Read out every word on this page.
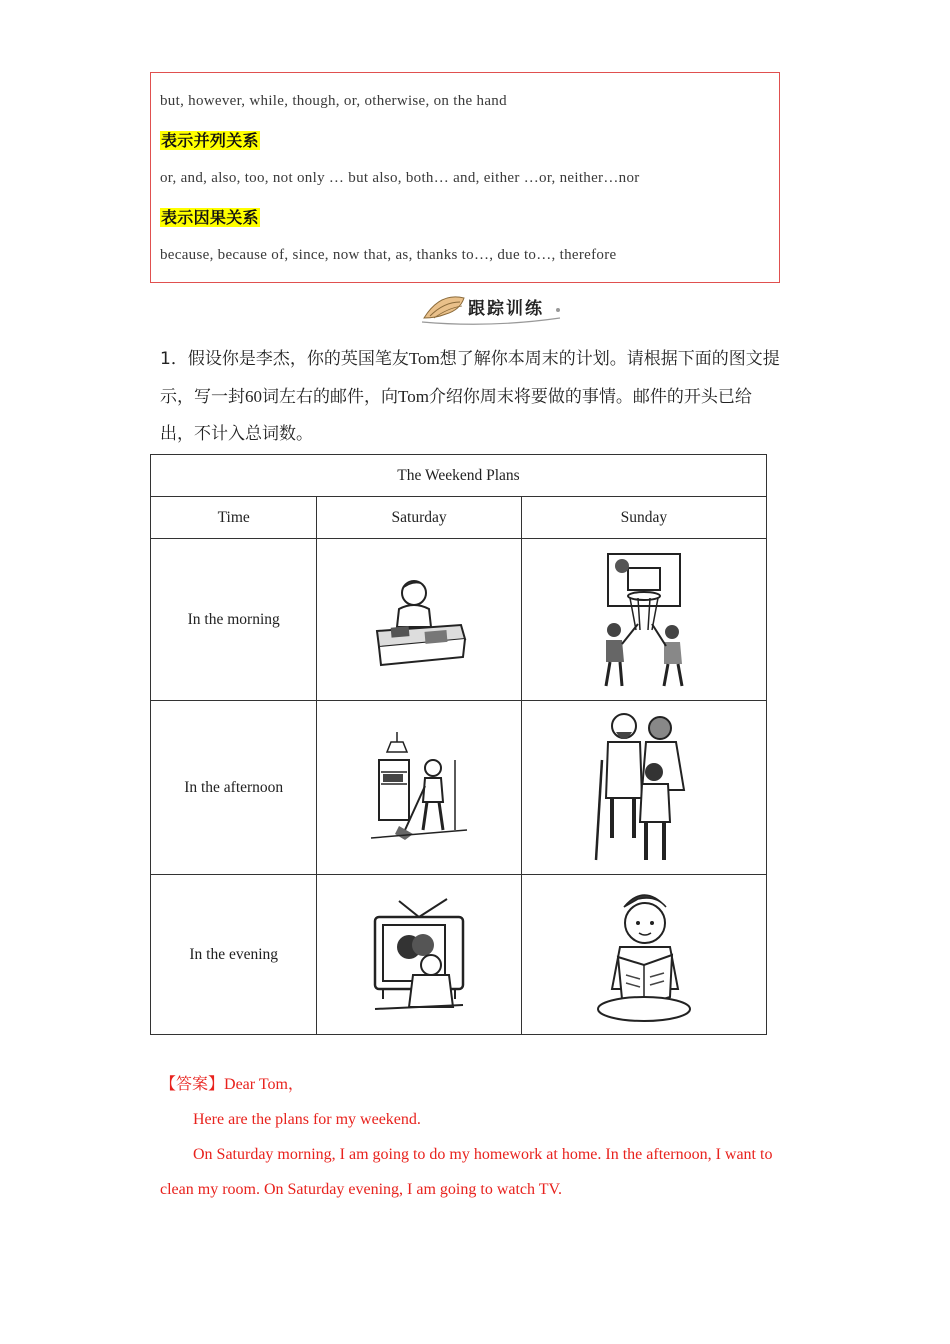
but, however, while, though, or, otherwise, on the hand

表示并列关系

or, and, also, too, not only … but also, both… and, either …or, neither…nor

表示因果关系

because, because of, since, now that, as, thanks to…, due to…, therefore

跟踪训练
1．假设你是李杰，你的英国笔友Tom想了解你本周末的计划。请根据下面的图文提示，写一封60词左右的邮件，向Tom介绍你周末将要做的事情。邮件的开头已给出，不计入总词数。
The Weekend Plans		
Time	Saturday	Sunday
In the morning	

In the afternoon	

In the evening	

【答案】Dear Tom，
Here are the plans for my weekend.
On Saturday morning, I am going to do my homework at home. In the afternoon, I want to clean my room. On Saturday evening, I am going to watch TV.
